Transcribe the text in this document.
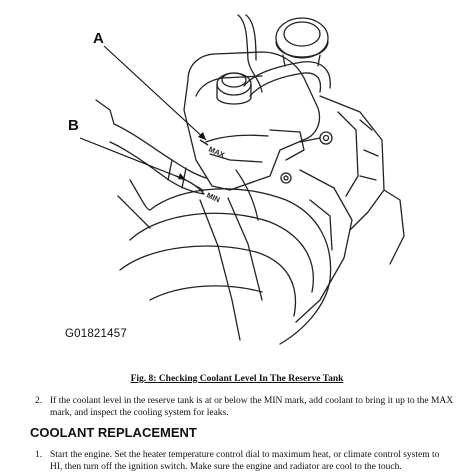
MAX
MIN
A
B
G01821457
Fig. 8: Checking Coolant Level In The Reserve Tank
2. If the coolant level in the reserve tank is at or below the MIN mark, add coolant to bring it up to the MAX
mark, and inspect the cooling system for leaks.
COOLANT REPLACEMENT
1. Start the engine. Set the heater temperature control dial to maximum heat, or climate control system to
HI, then turn off the ignition switch. Make sure the engine and radiator are cool to the touch.
